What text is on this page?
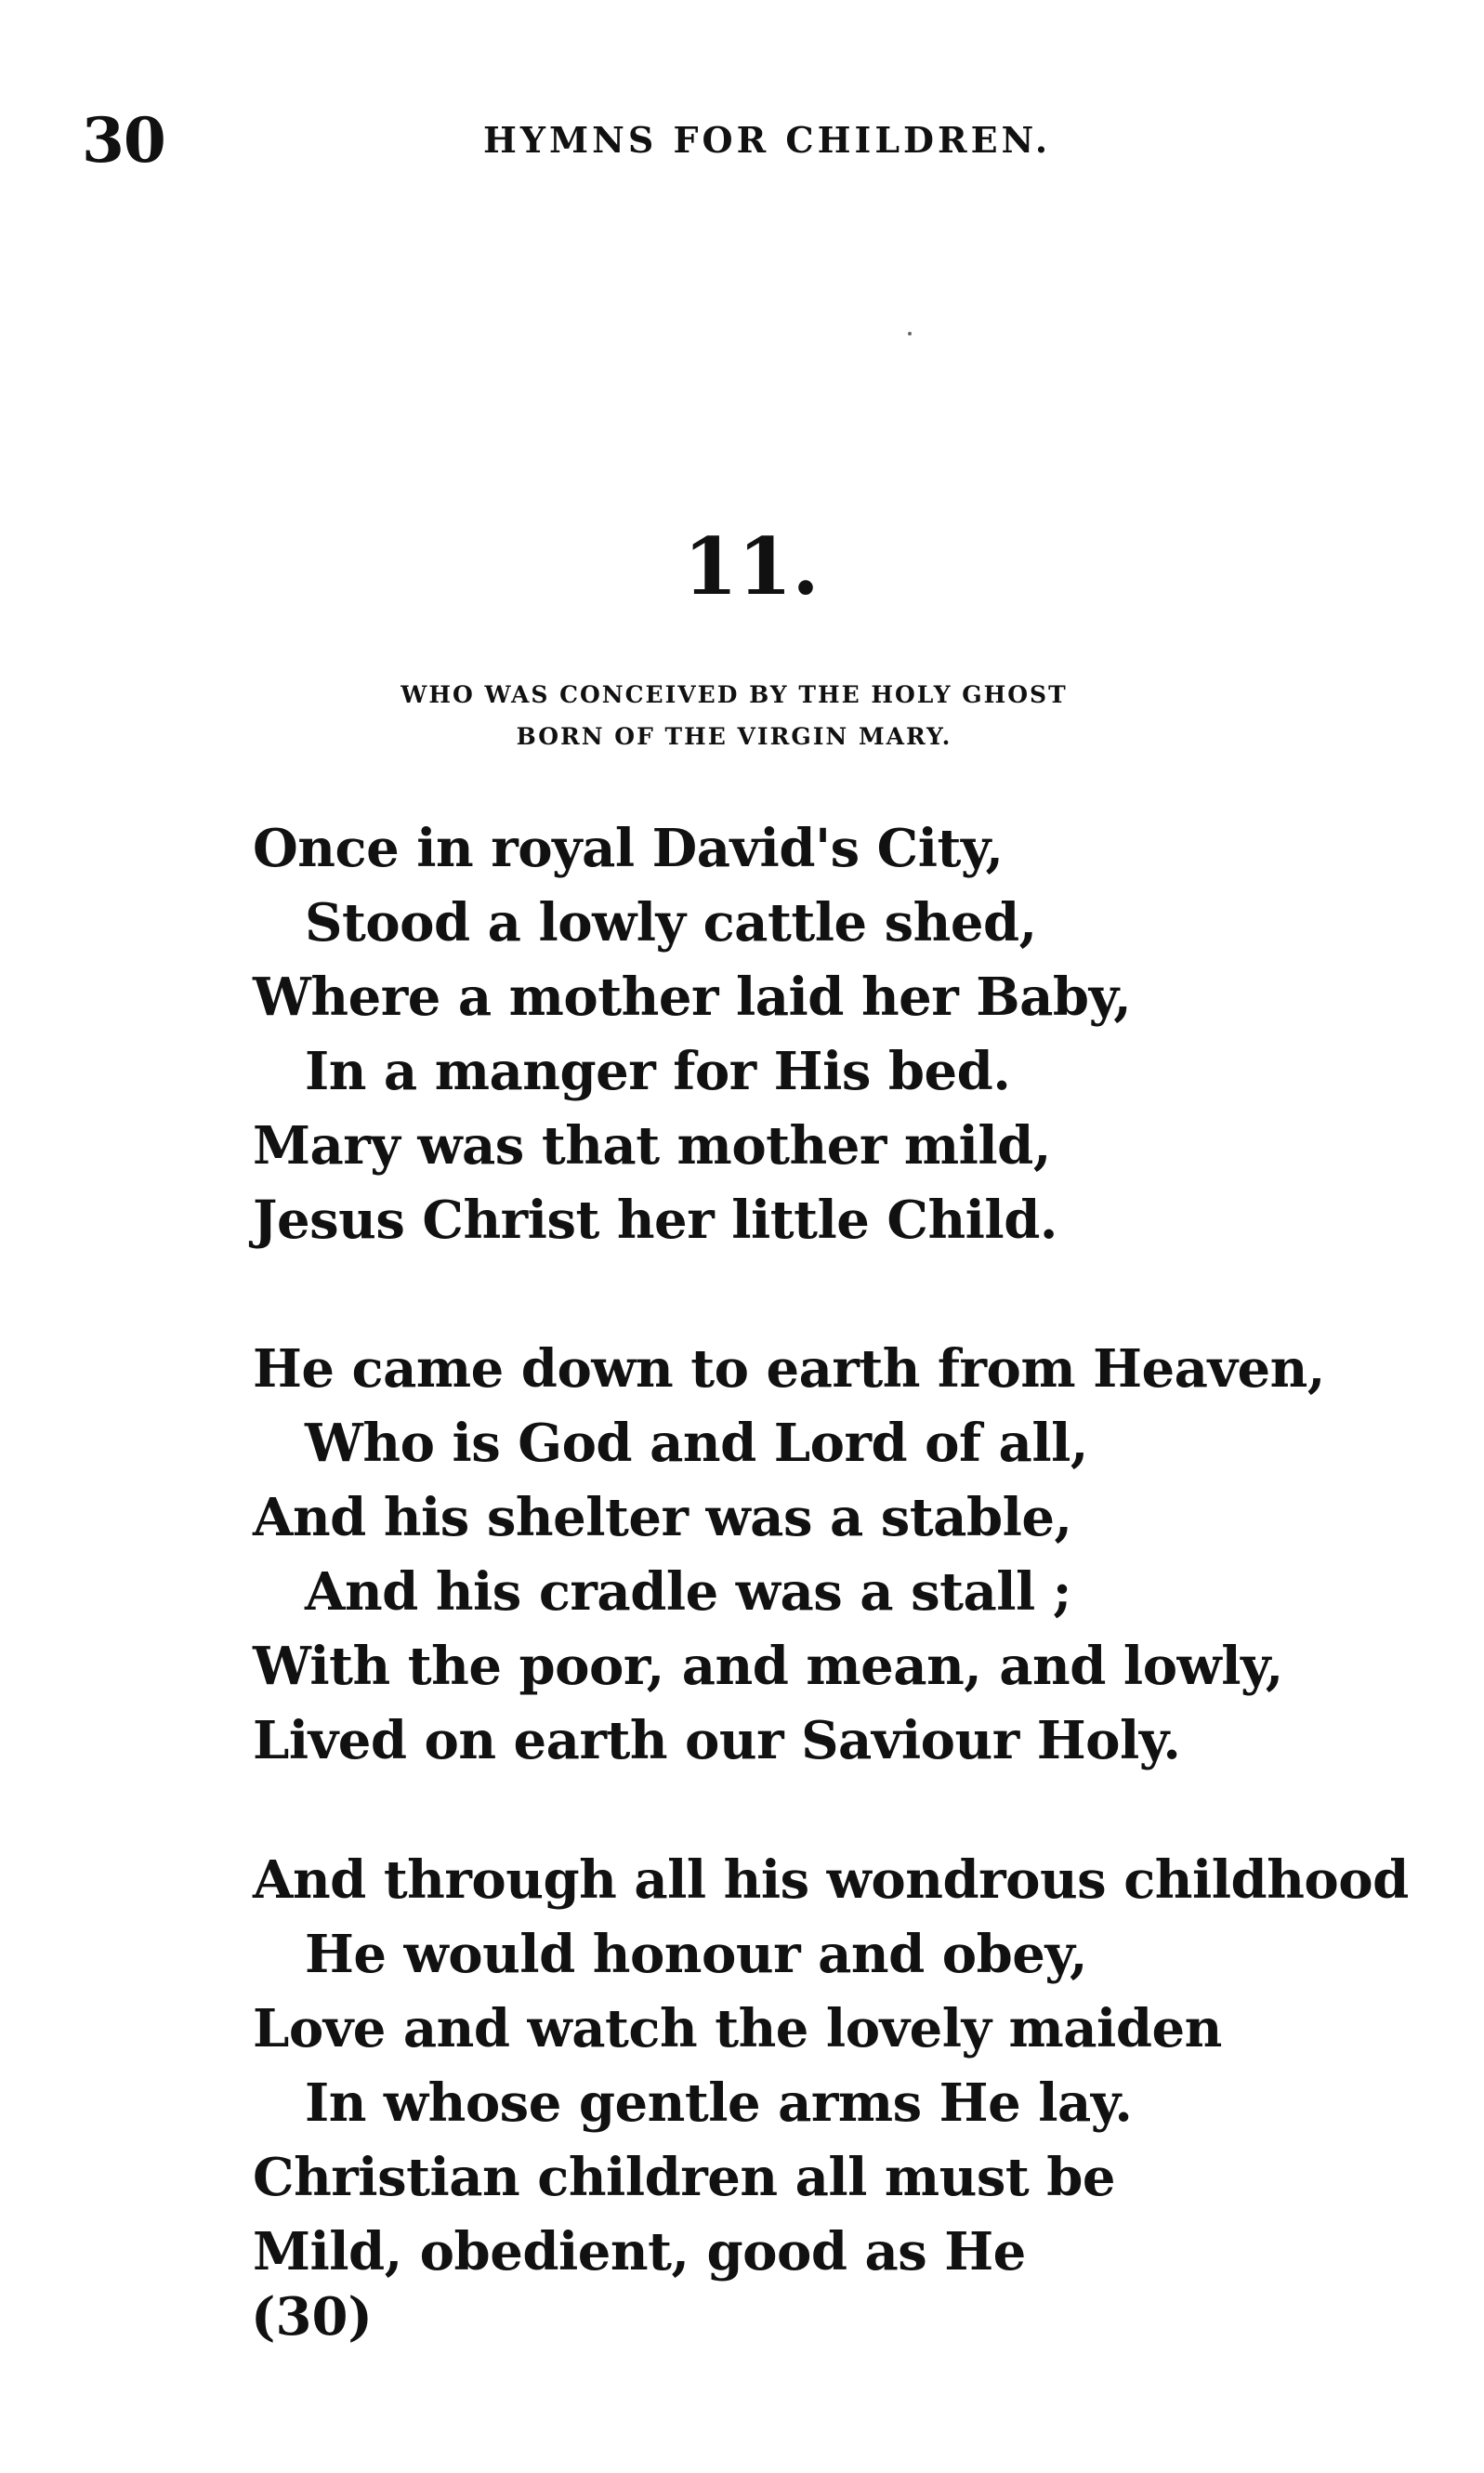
30	HYMNS FOR CHILDREN.
11.
WHO WAS CONCEIVED BY THE HOLY GHOST
BORN OF THE VIRGIN MARY.
Once in royal David's City,
Stood a lowly cattle shed,
Where a mother laid her Baby,
In a manger for His bed.
Mary was that mother mild,
Jesus Christ her little Child.
He came down to earth from Heaven,
Who is God and Lord of all,
And his shelter was a stable,
And his cradle was a stall ;
With the poor, and mean, and lowly,
Lived on earth our Saviour Holy.
And through all his wondrous childhood
He would honour and obey,
Love and watch the lovely maiden
In whose gentle arms He lay.
Christian children all must be
Mild, obedient, good as He
(30)
